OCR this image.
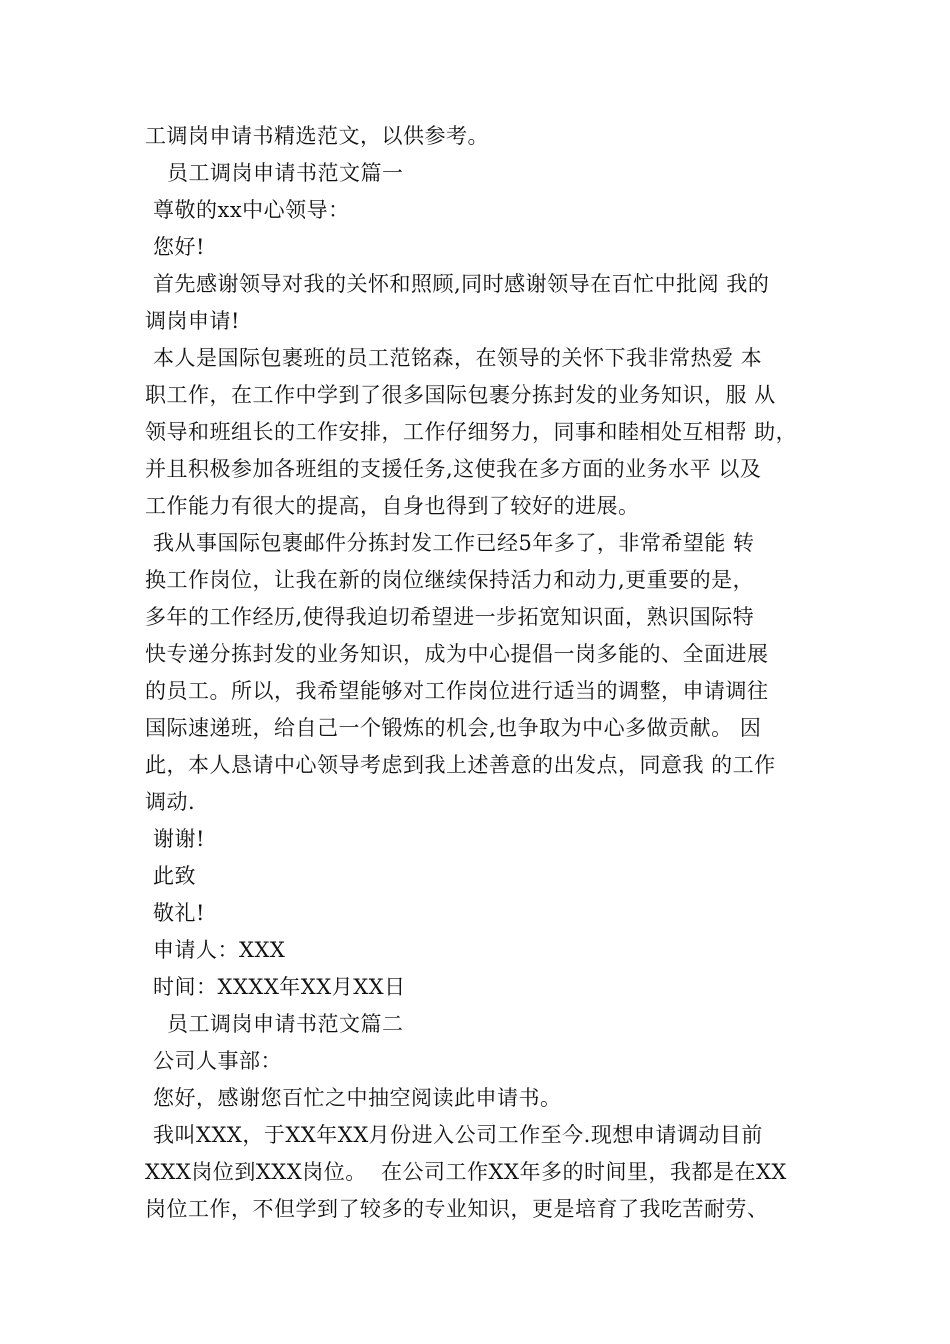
工调岗申请书精选范文，以供参考。
员工调岗申请书范文篇一
尊敬的xx中心领导：
您好!
首先感谢领导对我的关怀和照顾,同时感谢领导在百忙中批阅 我的
调岗申请!
本人是国际包裹班的员工范铭森，在领导的关怀下我非常热爱 本
职工作，在工作中学到了很多国际包裹分拣封发的业务知识，服 从
领导和班组长的工作安排，工作仔细努力，同事和睦相处互相帮 助，
并且积极参加各班组的支援任务,这使我在多方面的业务水平 以及
工作能力有很大的提高，自身也得到了较好的进展。
我从事国际包裹邮件分拣封发工作已经5年多了，非常希望能 转
换工作岗位，让我在新的岗位继续保持活力和动力,更重要的是，
多年的工作经历,使得我迫切希望进一步拓宽知识面，熟识国际特
快专递分拣封发的业务知识，成为中心提倡一岗多能的、全面进展
的员工。所以，我希望能够对工作岗位进行适当的调整，申请调往
国际速递班，给自己一个锻炼的机会,也争取为中心多做贡献。 因
此，本人恳请中心领导考虑到我上述善意的出发点，同意我 的工作
调动.
谢谢!
此致
敬礼!
申请人：XXX
时间：XXXX年XX月XX日
员工调岗申请书范文篇二
公司人事部：
您好，感谢您百忙之中抽空阅读此申请书。
我叫XXX，于XX年XX月份进入公司工作至今.现想申请调动目前
XXX岗位到XXX岗位。  在公司工作XX年多的时间里，我都是在XX
岗位工作，不但学到了较多的专业知识，更是培育了我吃苦耐劳、
